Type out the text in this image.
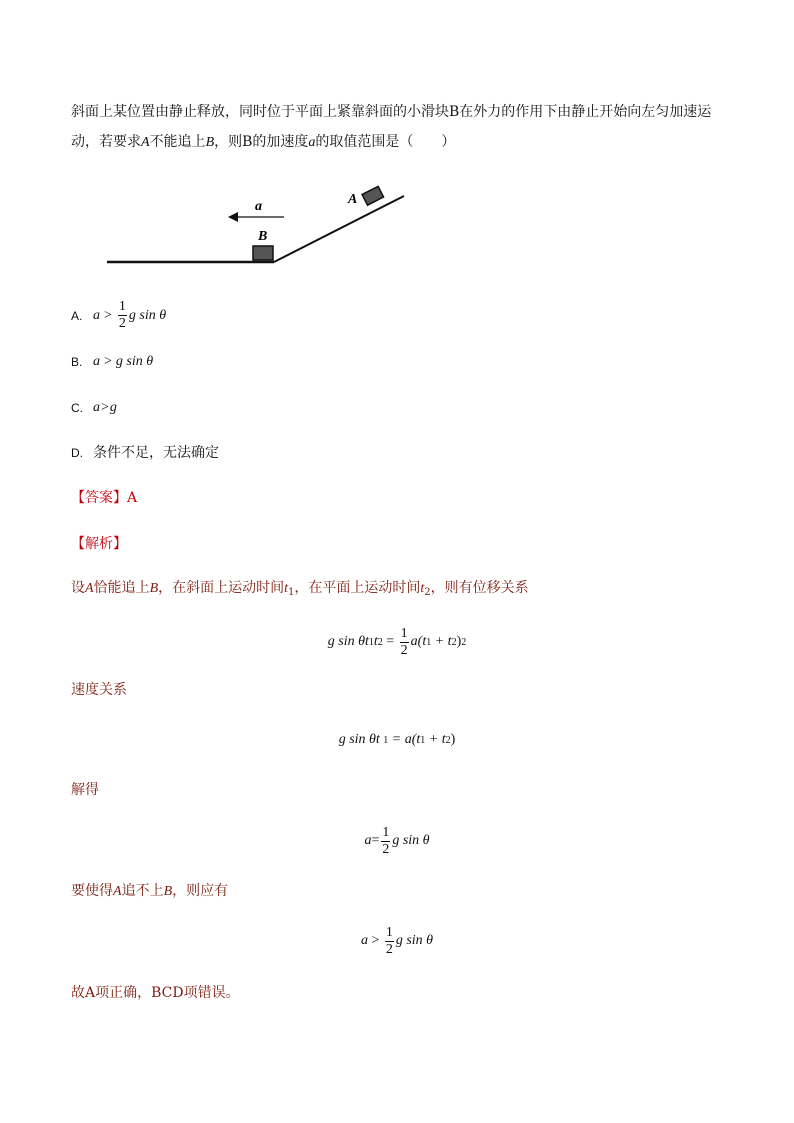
斜面上某位置由静止释放，同时位于平面上紧靠斜面的小滑块B在外力的作用下由静止开始向左匀加速运
动，若要求A不能追上B，则B的加速度a的取值范围是（　　）
a	A
B
A. $a > \frac{1}{2}$ g sin θ
B. a > g sin θ
C. a > g
D. 条件不足，无法确定
【答案】A
【解析】
设A恰能追上B，在斜面上运动时间$t_1$，在平面上运动时间$t_2$，则有位移关系
g sin θt 1 t $2 = \frac{1}{2} a(t$ 1 + t 2 ) 2
速度关系
g sin θt
1 = a(t 1 + t 2 )
解得
$a = \frac{1}{2}$ g sin θ
要使得A追不上B，则应有
$a > \frac{1}{2}$ g sin θ
故A项正确，BCD项错误。
